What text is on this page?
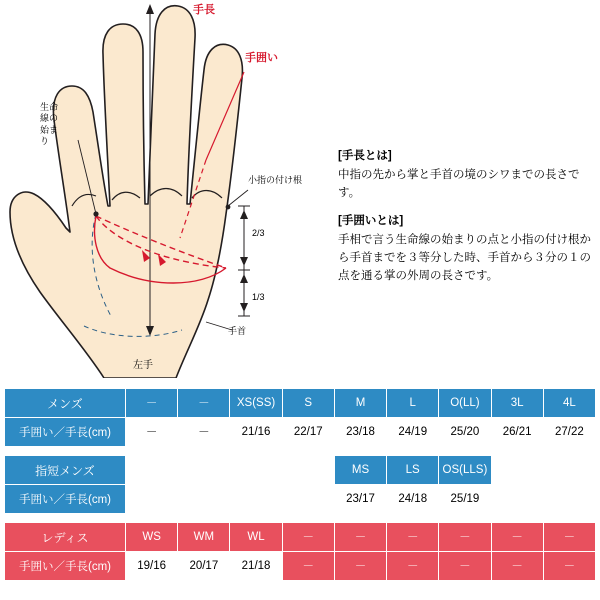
手長
手囲い
生命線の始まり
小指の付け根
2/3
1/3
手首
左手
[手長とは]
中指の先から掌と手首の境のシワまでの長さです。
[手囲いとは]
手相で言う生命線の始まりの点と小指の付け根から手首までを３等分した時、手首から３分の１の点を通る掌の外周の長さです。
メンズ	－	－	XS(SS)	S	M	L	O(LL)	3L	4L
手囲い／手長(cm)	－	－	21/16	22/17	23/18	24/19	25/20	26/21	27/22
指短メンズ					MS	LS	OS(LLS)		
手囲い／手長(cm)					23/17	24/18	25/19		
レディス	WS	WM	WL	－	－	－	－	－	－
手囲い／手長(cm)	19/16	20/17	21/18	－	－	－	－	－	－
